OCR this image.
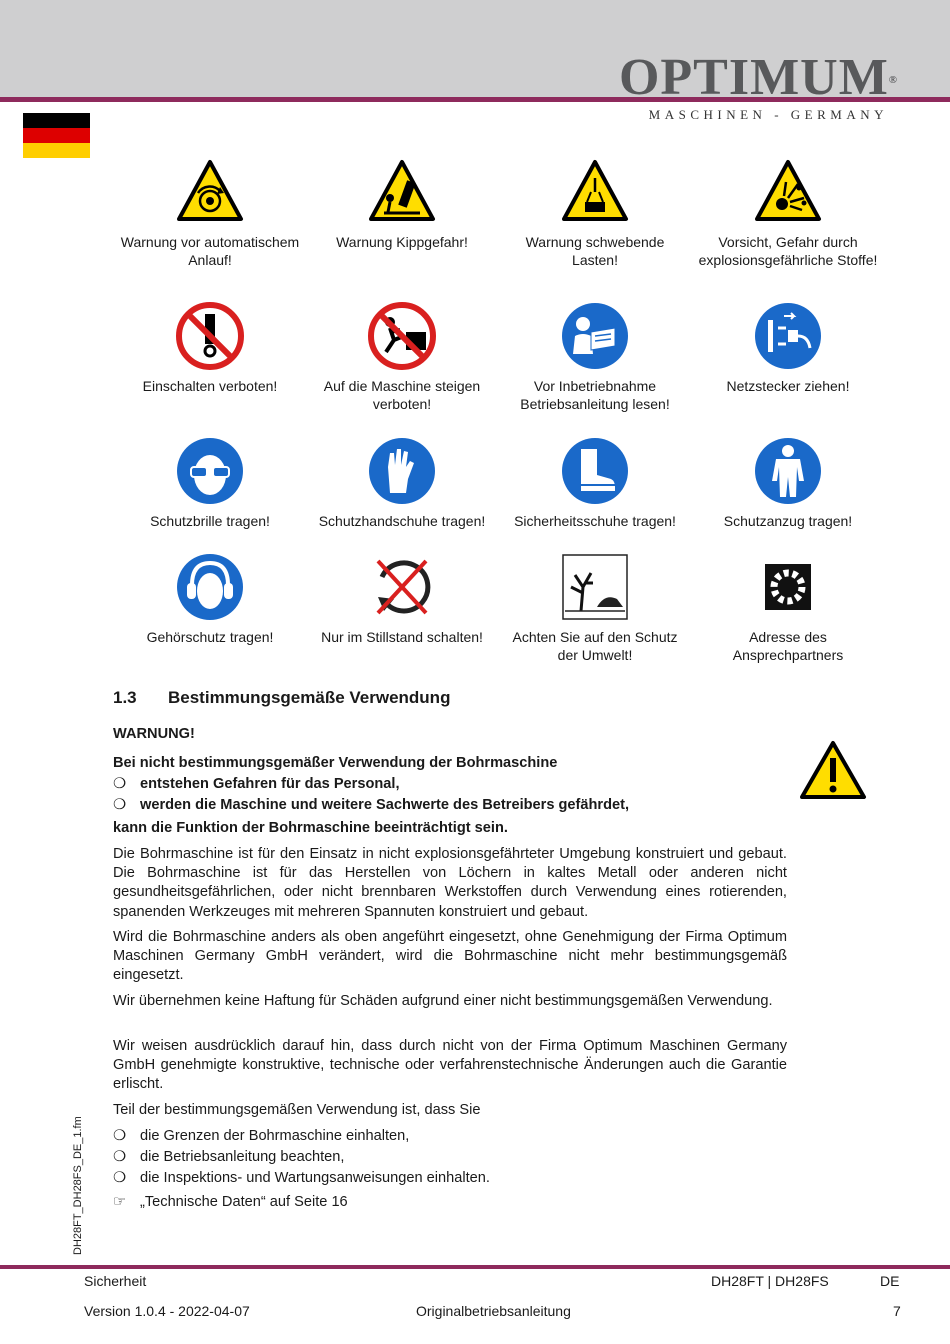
OPTIMUM®
MASCHINEN - GERMANY
Warnung vor automatischem Anlauf!
Warnung Kippgefahr!	Warnung schwebende Lasten!
Vorsicht, Gefahr durch explosionsgefährliche Stoffe!
Einschalten verboten!	Auf die Maschine steigen verboten!
Vor Inbetriebnahme Betriebsanleitung lesen!
Netzstecker ziehen!
Schutzbrille tragen!	Schutzhandschuhe tragen!	Sicherheitsschuhe tragen!	Schutzanzug tragen!
Gehörschutz tragen!	Nur im Stillstand schalten!	Achten Sie auf den Schutz der Umwelt!
Adresse des Ansprechpartners
1.3 Bestimmungsgemäße Verwendung
WARNUNG!
Bei nicht bestimmungsgemäßer Verwendung der Bohrmaschine
❍ entstehen Gefahren für das Personal,
❍ werden die Maschine und weitere Sachwerte des Betreibers gefährdet,
kann die Funktion der Bohrmaschine beeinträchtigt sein.
Die Bohrmaschine ist für den Einsatz in nicht explosionsgefährteter Umgebung konstruiert und gebaut. Die Bohrmaschine ist für das Herstellen von Löchern in kaltes Metall oder anderen nicht gesundheitsgefährlichen, oder nicht brennbaren Werkstoffen durch Verwendung eines rotierenden, spanenden Werkzeuges mit mehreren Spannuten konstruiert und gebaut.
Wird die Bohrmaschine anders als oben angeführt eingesetzt, ohne Genehmigung der Firma Optimum Maschinen Germany GmbH verändert, wird die Bohrmaschine nicht mehr bestimmungsgemäß eingesetzt.
Wir übernehmen keine Haftung für Schäden aufgrund einer nicht bestimmungsgemäßen Verwendung.
Wir weisen ausdrücklich darauf hin, dass durch nicht von der Firma Optimum Maschinen Germany GmbH genehmigte konstruktive, technische oder verfahrenstechnische Änderungen auch die Garantie erlischt.
Teil der bestimmungsgemäßen Verwendung ist, dass Sie
❍ die Grenzen der Bohrmaschine einhalten,
❍ die Betriebsanleitung beachten,
❍ die Inspektions- und Wartungsanweisungen einhalten.
☞ „Technische Daten“ auf Seite 16
DH28FT_DH28FS_DE_1.fm
Sicherheit	DH28FT | DH28FS	DE
Version 1.0.4 - 2022-04-07	Originalbetriebsanleitung	7
